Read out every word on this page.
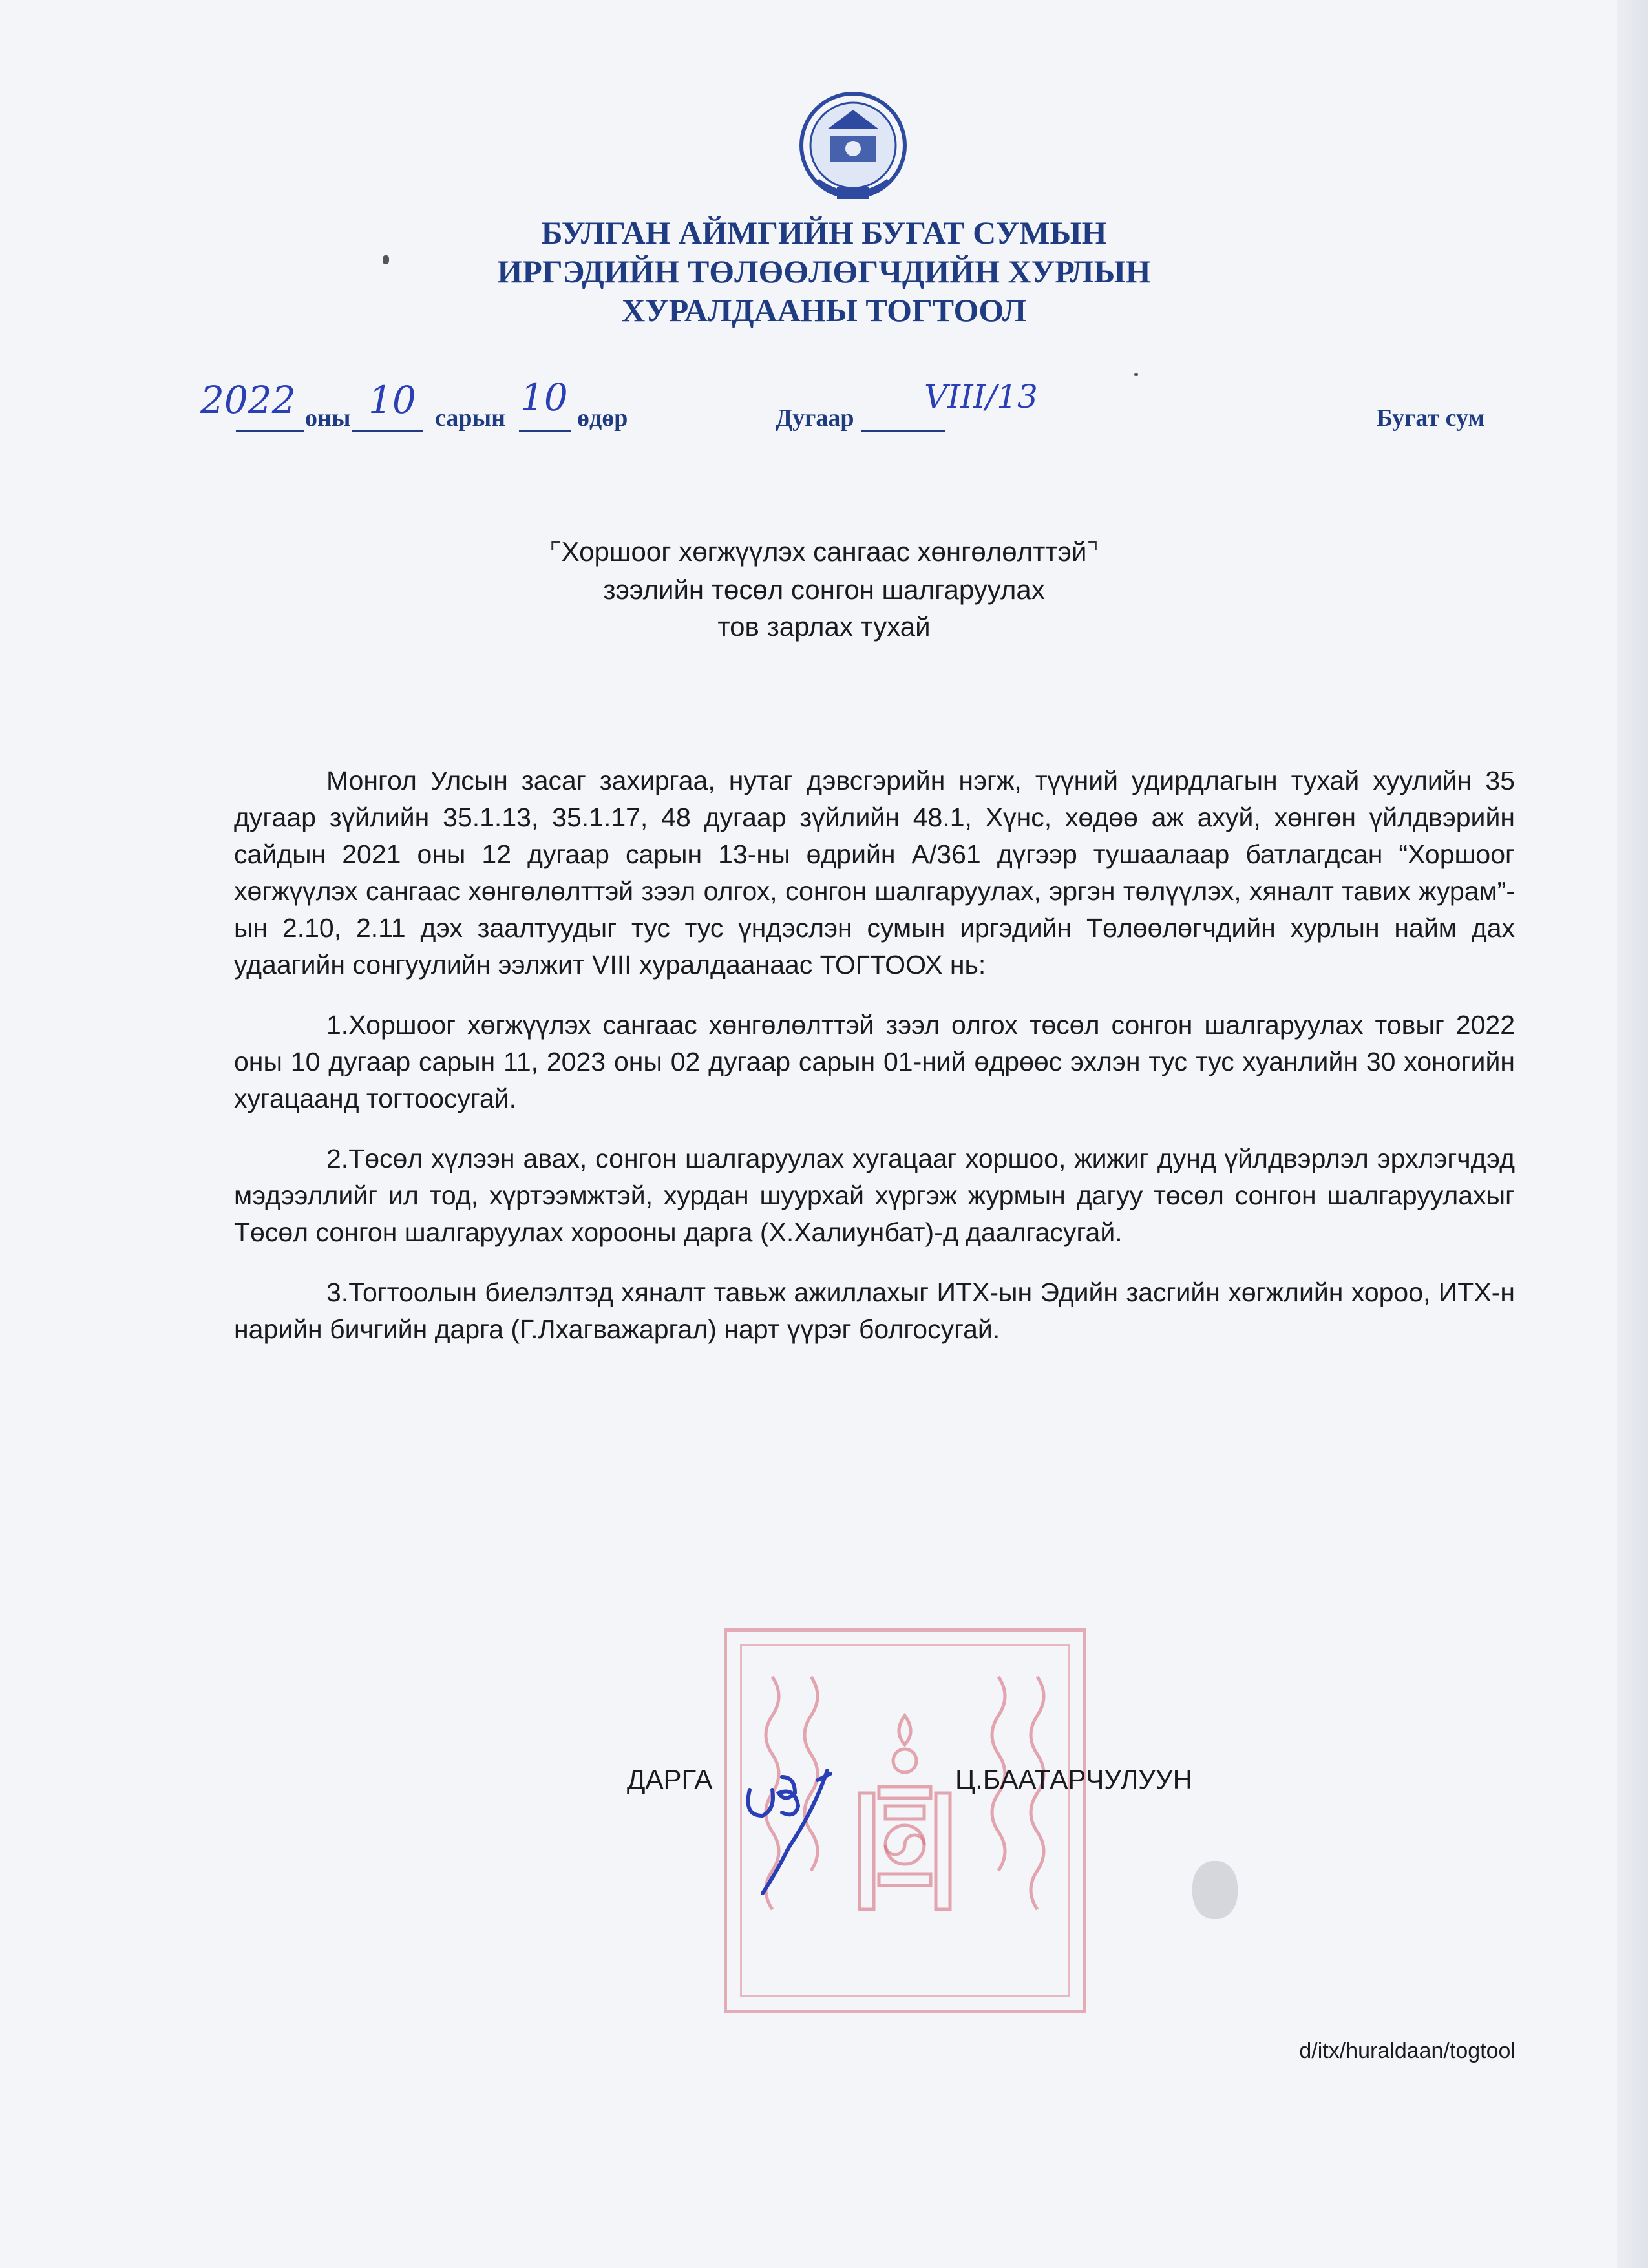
БУЛГАН АЙМГИЙН БУГАТ СУМЫН
ИРГЭДИЙН ТӨЛӨӨЛӨГЧДИЙН ХУРЛЫН
ХУРАЛДААНЫ ТОГТООЛ
2022 оны 10 сарын 10 өдөр	Дугаар
VIII/13
Бугат сум
⌜Хоршоог хөгжүүлэх сангаас хөнгөлөлттэй⌝
зээлийн төсөл сонгон шалгаруулах
тов зарлах тухай

Монгол Улсын засаг захиргаа, нутаг дэвсгэрийн нэгж, түүний удирдлагын тухай хуулийн 35 дугаар зүйлийн 35.1.13, 35.1.17, 48 дугаар зүйлийн 48.1, Хүнс, хөдөө аж ахуй, хөнгөн үйлдвэрийн сайдын 2021 оны 12 дугаар сарын 13-ны өдрийн А/361 дүгээр тушаалаар батлагдсан “Хоршоог хөгжүүлэх сангаас хөнгөлөлттэй зээл олгох, сонгон шалгаруулах, эргэн төлүүлэх, хяналт тавих журам”-ын 2.10, 2.11 дэх заалтуудыг тус тус үндэслэн сумын иргэдийн Төлөөлөгчдийн хурлын найм дах удаагийн сонгуулийн ээлжит VIII хуралдаанаас ТОГТООХ нь:

1.Хоршоог хөгжүүлэх сангаас хөнгөлөлттэй зээл олгох төсөл сонгон шалгаруулах товыг 2022 оны 10 дугаар сарын 11, 2023 оны 02 дугаар сарын 01-ний өдрөөс эхлэн тус тус хуанлийн 30 хоногийн хугацаанд тогтоосугай.

2.Төсөл хүлээн авах, сонгон шалгаруулах хугацааг хоршоо, жижиг дунд үйлдвэрлэл эрхлэгчдэд мэдээллийг ил тод, хүртээмжтэй, хурдан шуурхай хүргэж журмын дагуу төсөл сонгон шалгаруулахыг Төсөл сонгон шалгаруулах хорооны дарга (Х.Халиунбат)-д даалгасугай.

3.Тогтоолын биелэлтэд хяналт тавьж ажиллахыг ИТХ-ын Эдийн засгийн хөгжлийн хороо, ИТХ-н нарийн бичгийн дарга (Г.Лхагважаргал) нарт үүрэг болгосугай.

ДАРГА	Ц.БААТАРЧУЛУУН
d/itx/huraldaan/togtool
